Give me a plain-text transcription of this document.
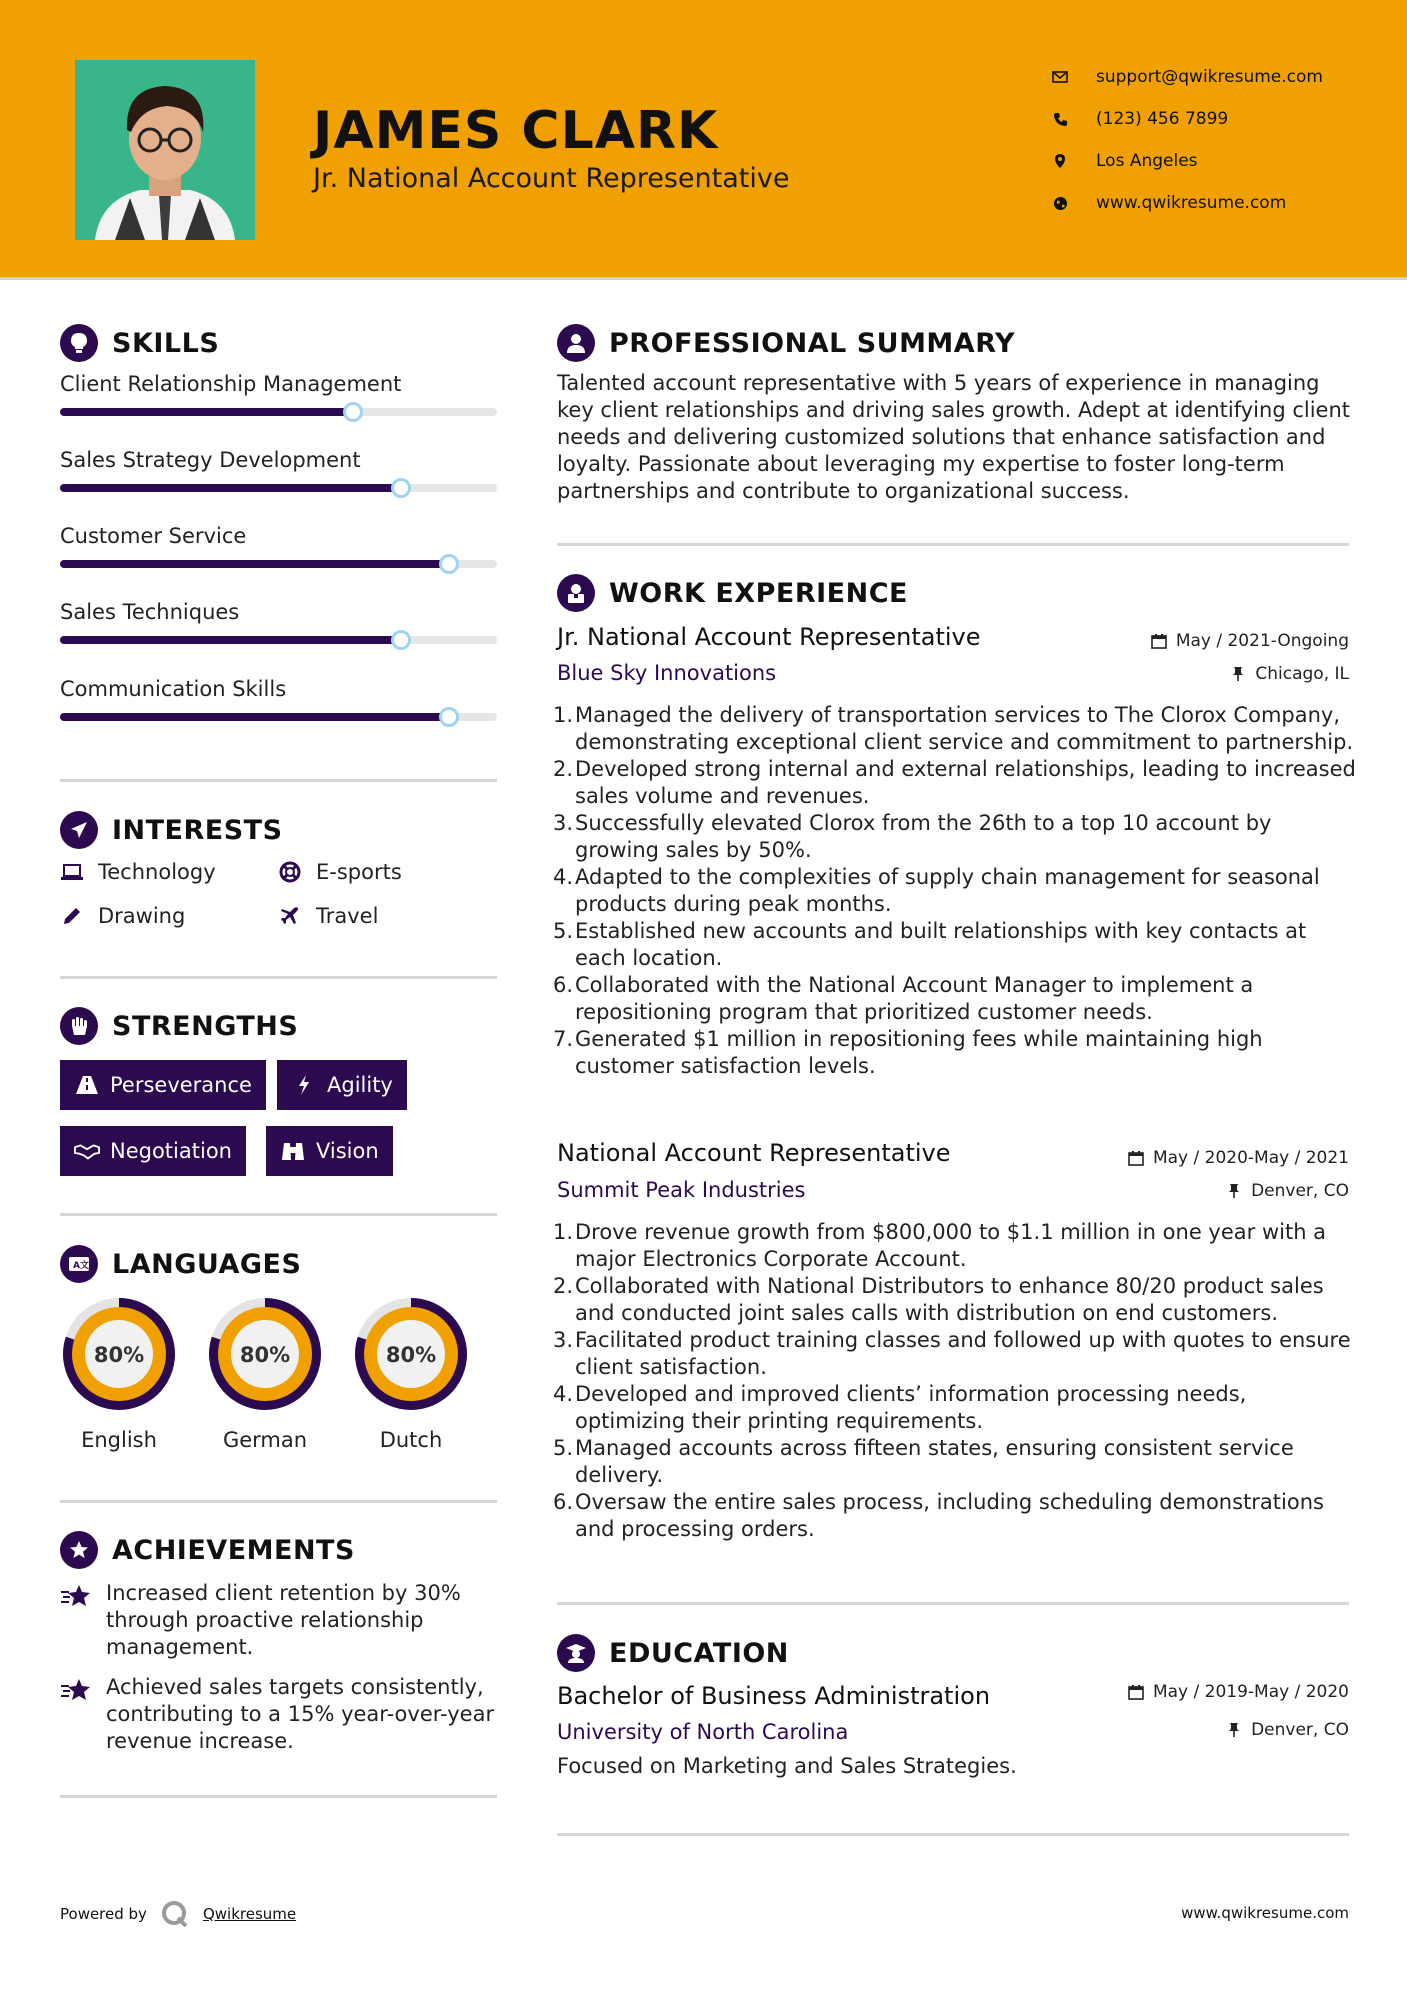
JAMES CLARK
Jr. National Account Representative
support@qwikresume.com
(123) 456 7899
Los Angeles
www.qwikresume.com
SKILLS
Client Relationship Management
Sales Strategy Development
Customer Service
Sales Techniques
Communication Skills
INTERESTS
Technology	E-sports
Drawing	Travel
STRENGTHS
Perseverance	Agility
Negotiation	Vision
A文 LANGUAGES
80%
English
80%
German
80%
Dutch
ACHIEVEMENTS
Increased client retention by 30% through proactive relationship management.
Achieved sales targets consistently, contributing to a 15% year-over-year revenue increase.
PROFESSIONAL SUMMARY
Talented account representative with 5 years of experience in managing key client relationships and driving sales growth. Adept at identifying client needs and delivering customized solutions that enhance satisfaction and loyalty. Passionate about leveraging my expertise to foster long-term partnerships and contribute to organizational success.
WORK EXPERIENCE
Jr. National Account Representative	May / 2021-Ongoing
Blue Sky Innovations	Chicago, IL
Managed the delivery of transportation services to The Clorox Company, demonstrating exceptional client service and commitment to partnership.
Developed strong internal and external relationships, leading to increased sales volume and revenues.
Successfully elevated Clorox from the 26th to a top 10 account by growing sales by 50%.
Adapted to the complexities of supply chain management for seasonal products during peak months.
Established new accounts and built relationships with key contacts at each location.
Collaborated with the National Account Manager to implement a repositioning program that prioritized customer needs.
Generated $1 million in repositioning fees while maintaining high customer satisfaction levels.
National Account Representative	May / 2020-May / 2021
Summit Peak Industries	Denver, CO
Drove revenue growth from $800,000 to $1.1 million in one year with a major Electronics Corporate Account.
Collaborated with National Distributors to enhance 80/20 product sales and conducted joint sales calls with distribution on end customers.
Facilitated product training classes and followed up with quotes to ensure client satisfaction.
Developed and improved clients’ information processing needs, optimizing their printing requirements.
Managed accounts across fifteen states, ensuring consistent service delivery.
Oversaw the entire sales process, including scheduling demonstrations and processing orders.
EDUCATION
Bachelor of Business Administration	May / 2019-May / 2020
University of North Carolina	Denver, CO
Focused on Marketing and Sales Strategies.
Powered by	Qwikresume	www.qwikresume.com
